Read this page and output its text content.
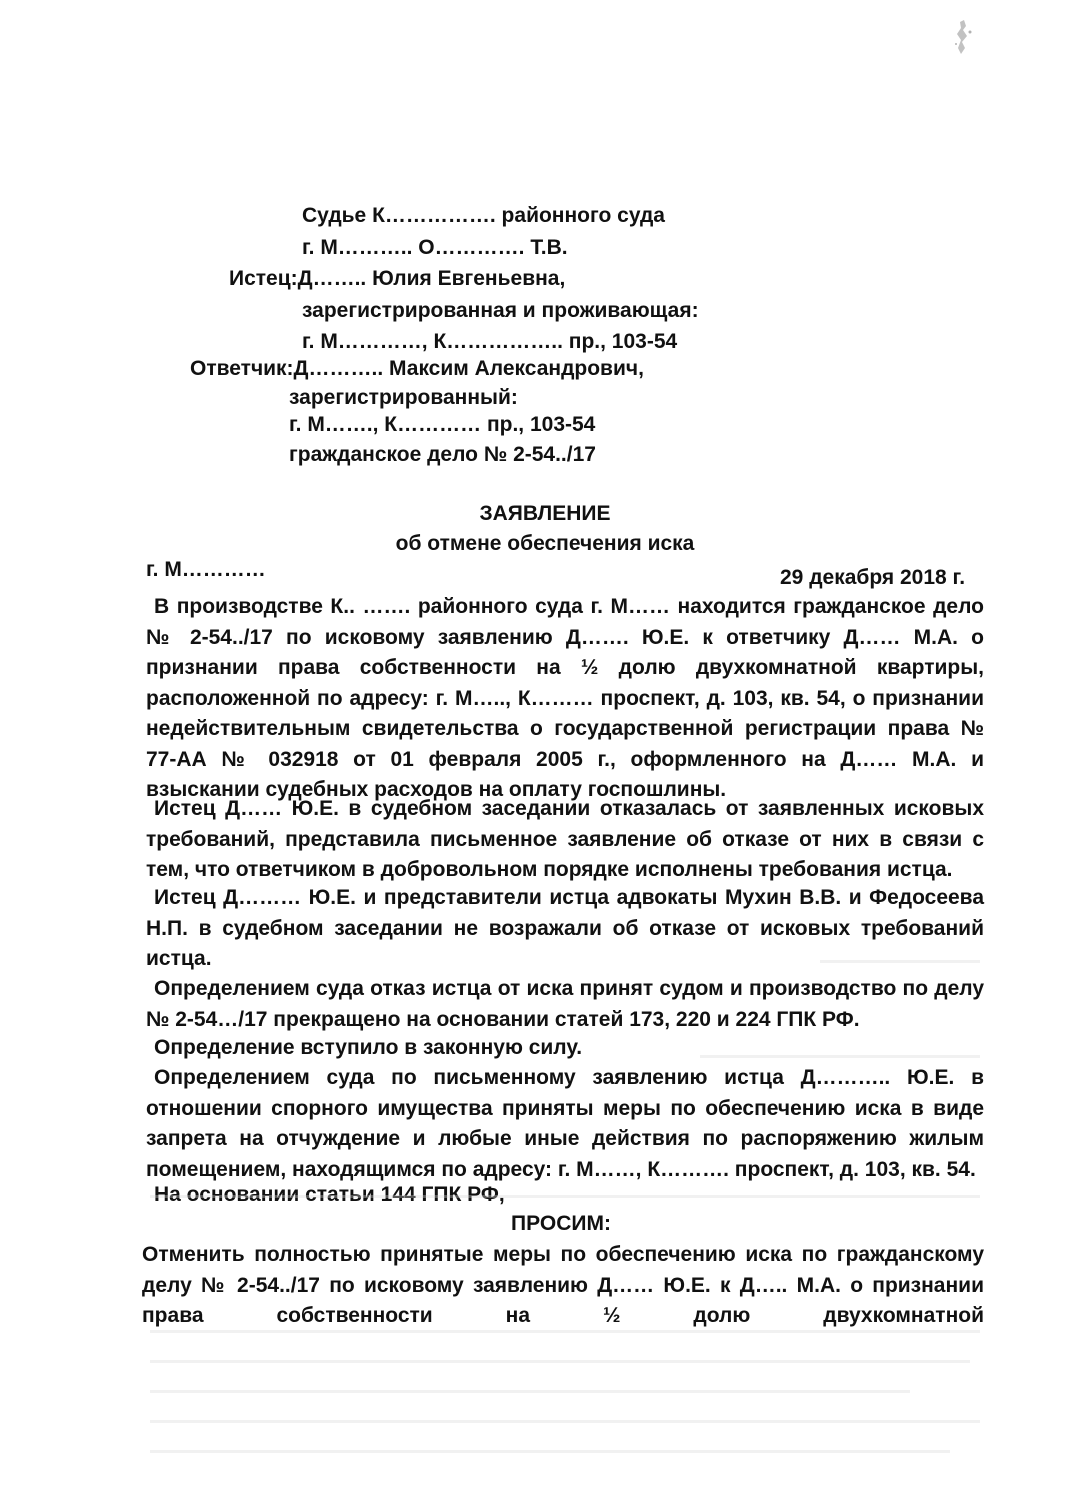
Судье К……………. районного суда
г. М……….. О…………. Т.В.
Истец:Д…….. Юлия Евгеньевна,
зарегистрированная и проживающая:
г. М…………, К…………….. пр., 103-54
Ответчик:Д……….. Максим Александрович,
зарегистрированный:
г. М……., К………… пр., 103-54
гражданское дело № 2-54../17
ЗАЯВЛЕНИЕ
об отмене обеспечения иска
г. М…………	29 декабря 2018 г.
В производстве К.. ……. районного суда г. М…… находится гражданское дело № 2-54../17 по исковому заявлению Д……. Ю.Е. к ответчику Д…… М.А. о признании права собственности на ½ долю двухкомнатной квартиры, расположенной по адресу: г. М….., К……… проспект, д. 103, кв. 54, о признании недействительным свидетельства о государственной регистрации права № 77-АА № 032918 от 01 февраля 2005 г., оформленного на Д…… М.А. и взыскании судебных расходов на оплату госпошлины.
Истец Д…… Ю.Е. в судебном заседании отказалась от заявленных исковых требований, представила письменное заявление об отказе от них в связи с тем, что ответчиком в добровольном порядке исполнены требования истца.
Истец Д……… Ю.Е. и представители истца адвокаты Мухин В.В. и Федосеева Н.П. в судебном заседании не возражали об отказе от исковых требований истца.
Определением суда отказ истца от иска принят судом и производство по делу № 2-54…/17 прекращено на основании статей 173, 220 и 224 ГПК РФ.
Определение вступило в законную силу.
Определением суда по письменному заявлению истца Д……….. Ю.Е. в отношении спорного имущества приняты меры по обеспечению иска в виде запрета на отчуждение и любые иные действия по распоряжению жилым помещением, находящимся по адресу: г. М……, К………. проспект, д. 103, кв. 54.
На основании статьи 144 ГПК РФ,
ПРОСИМ:
Отменить полностью принятые меры по обеспечению иска по гражданскому делу № 2-54../17 по исковому заявлению Д…… Ю.Е. к Д….. М.А. о признании права собственности на ½ долю двухкомнатной
